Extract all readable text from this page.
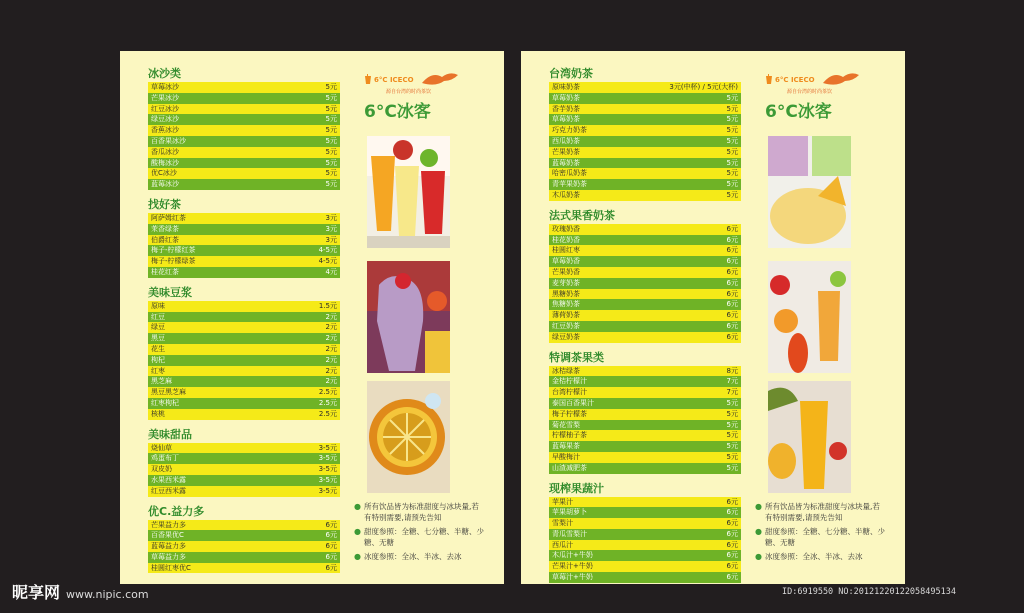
冰沙类
草莓冰沙	5元
芒果冰沙	5元
红豆冰沙	5元
绿豆冰沙	5元
香蕉冰沙	5元
百香果冰沙	5元
香瓜冰沙	5元
酸梅冰沙	5元
优C冰沙	5元
蓝莓冰沙	5元
找好茶
阿萨姆红茶	3元
茉香绿茶	3元
伯爵红茶	3元
梅子-柠檬红茶	4-5元
梅子-柠檬绿茶	4-5元
桂花红茶	4元
美味豆浆
原味	1.5元
红豆	2元
绿豆	2元
黑豆	2元
花生	2元
枸杞	2元
红枣	2元
黑芝麻	2元
黑豆黑芝麻	2.5元
红枣枸杞	2.5元
核桃	2.5元
美味甜品
烧仙草	3-5元
鸡蛋布丁	3-5元
双皮奶	3-5元
水果西米露	3-5元
红豆西米露	3-5元
优C.益力多
芒果益力多	6元
百香果优C	6元
蓝莓益力多	6元
草莓益力多	6元
桂圆红枣优C	6元
6°C ICECO
源自台湾的时尚茶饮
6°C冰客
● 所有饮品皆为标准甜度与冰块量,若有特别需要,请预先告知
● 甜度参照：全糖、七分糖、半糖、少糖、无糖
● 冰度参照：全冰、半冰、去冰
台湾奶茶
原味奶茶	3元(中杯) / 5元(大杯)
草莓奶茶	5元
香芋奶茶	5元
草莓奶茶	5元
巧克力奶茶	5元
西瓜奶茶	5元
芒果奶茶	5元
蓝莓奶茶	5元
哈密瓜奶茶	5元
青苹果奶茶	5元
木瓜奶茶	5元
法式果香奶茶
玫瑰奶香	6元
桂花奶香	6元
桂圆红枣	6元
草莓奶香	6元
芒果奶香	6元
麦芽奶茶	6元
黑糖奶茶	6元
焦糖奶茶	6元
薄荷奶茶	6元
红豆奶茶	6元
绿豆奶茶	6元
特调茶果类
冰桔绿茶	8元
金桔柠檬汁	7元
台湾柠檬汁	7元
泰国百香果汁	5元
梅子柠檬茶	5元
菊花雪梨	5元
柠檬柚子茶	5元
蓝莓果茶	5元
早酸梅汁	5元
山渣减肥茶	5元
现榨果蔬汁
苹果汁	6元
苹果胡萝卜	6元
雪梨汁	6元
青瓜雪梨汁	6元
西瓜汁	6元
木瓜汁+牛奶	6元
芒果汁+牛奶	6元
草莓汁+牛奶	6元
6°C ICECO
源自台湾的时尚茶饮
6°C冰客
● 所有饮品皆为标准甜度与冰块量,若有特别需要,请预先告知
● 甜度参照：全糖、七分糖、半糖、少糖、无糖
● 冰度参照：全冰、半冰、去冰
昵享网 www.nipic.com	ID:6919550 NO:20121220122058495134
